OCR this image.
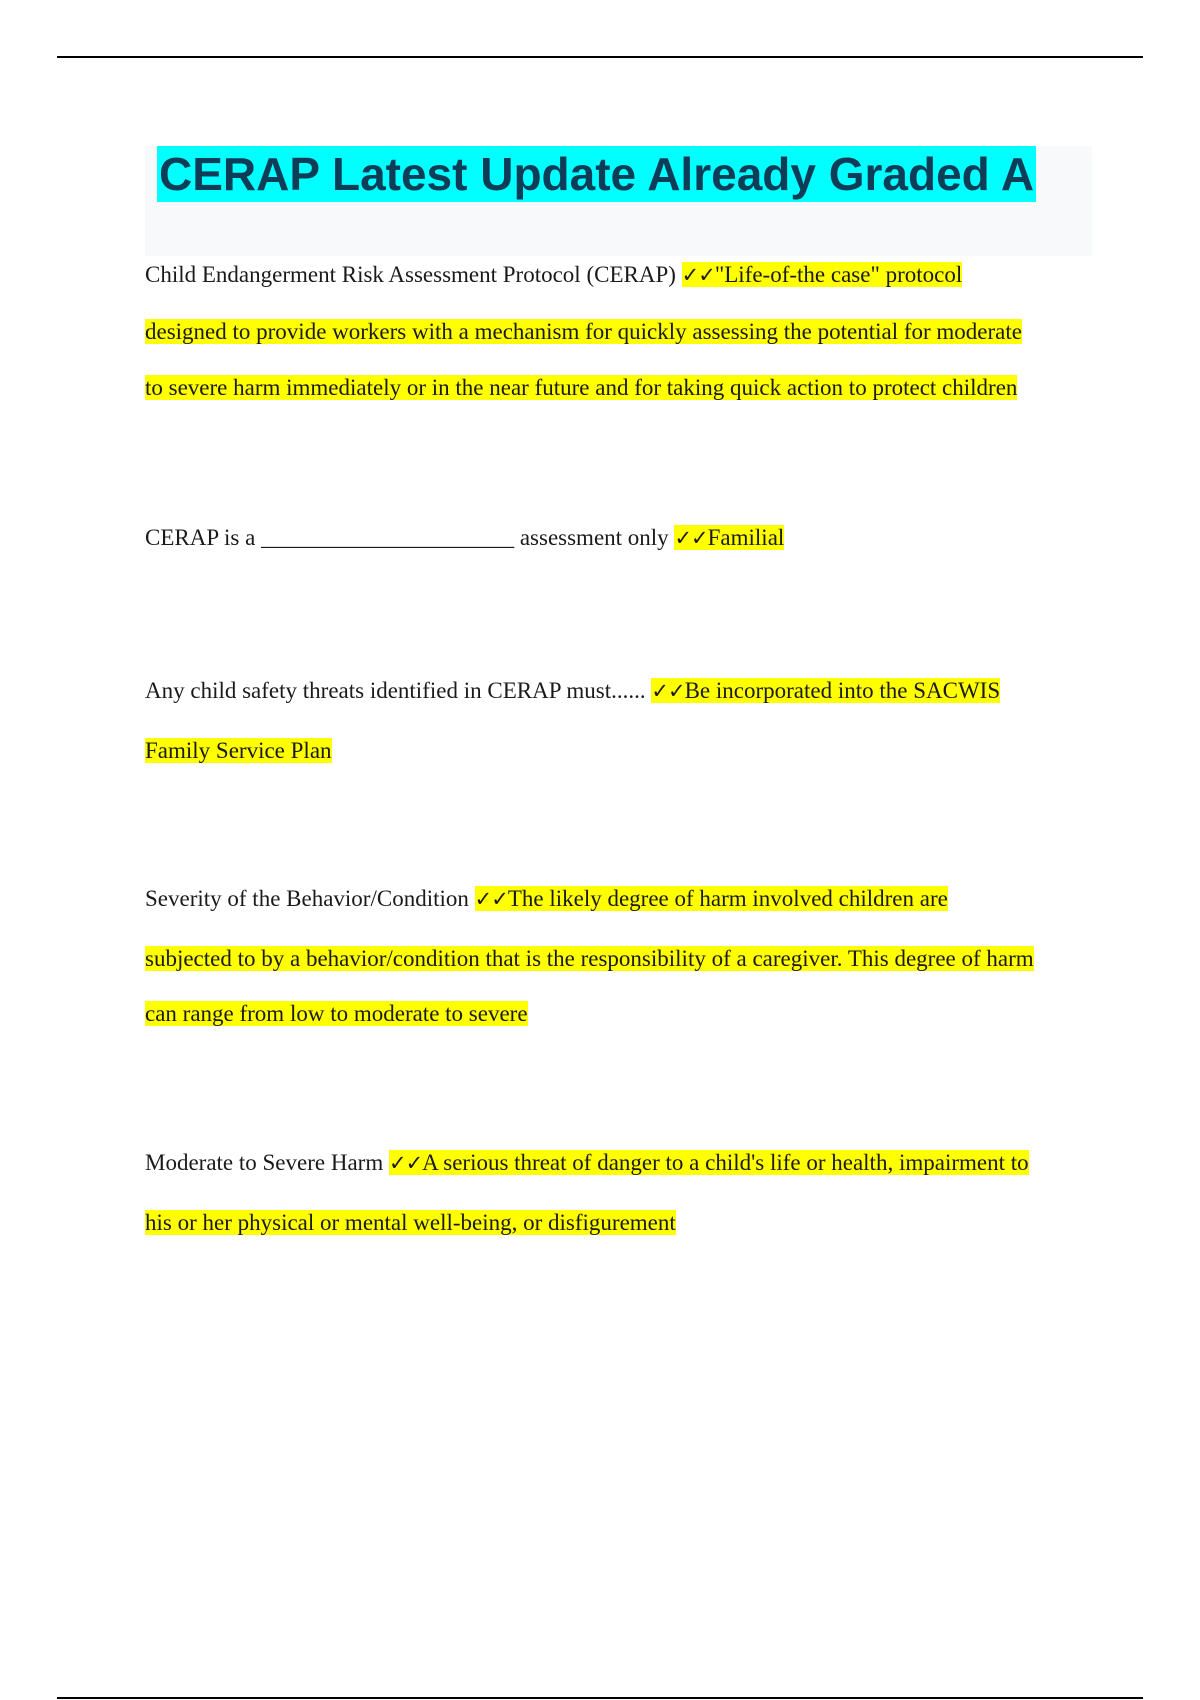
CERAP Latest Update Already Graded A
Child Endangerment Risk Assessment Protocol (CERAP) ✓✓"Life-of-the case" protocol
designed to provide workers with a mechanism for quickly assessing the potential for moderate
to severe harm immediately or in the near future and for taking quick action to protect children
CERAP is a ______________________ assessment only ✓✓Familial
Any child safety threats identified in CERAP must...... ✓✓Be incorporated into the SACWIS
Family Service Plan
Severity of the Behavior/Condition ✓✓The likely degree of harm involved children are
subjected to by a behavior/condition that is the responsibility of a caregiver. This degree of harm
can range from low to moderate to severe
Moderate to Severe Harm ✓✓A serious threat of danger to a child's life or health, impairment to
his or her physical or mental well-being, or disfigurement
